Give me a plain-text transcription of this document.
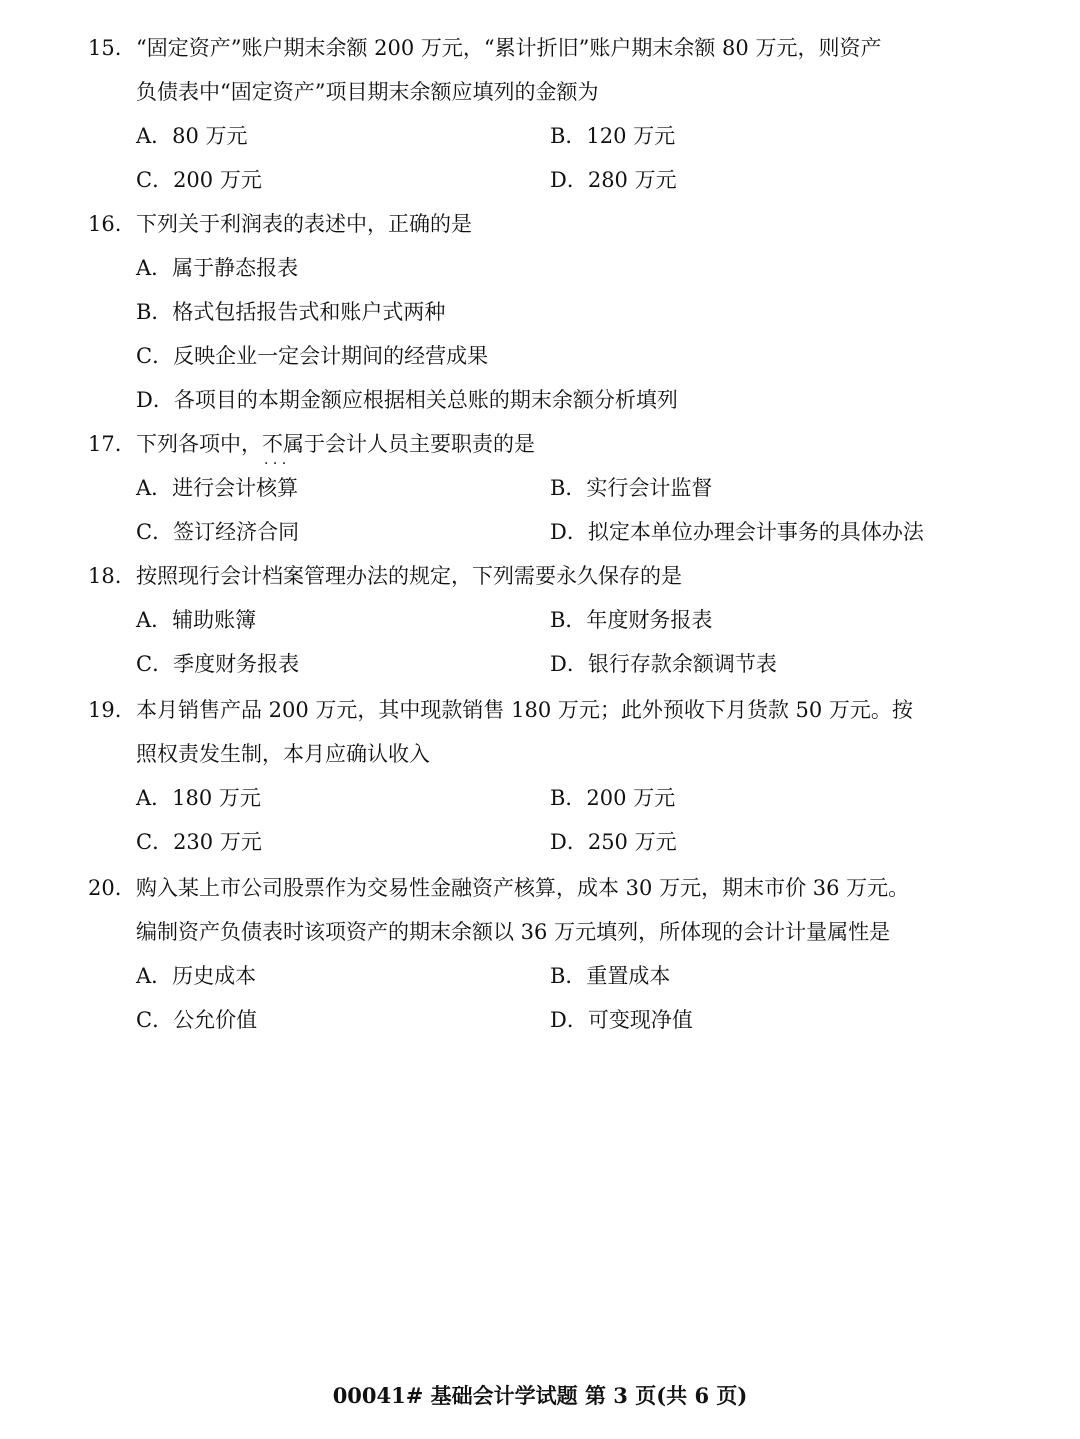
15. “固定资产”账户期末余额 200 万元，“累计折旧”账户期末余额 80 万元，则资产
负债表中“固定资产”项目期末余额应填列的金额为
A．80 万元	B．120 万元
C．200 万元	D．280 万元
16. 下列关于利润表的表述中，正确的是
A．属于静态报表
B．格式包括报告式和账户式两种
C．反映企业一定会计期间的经营成果
D．各项目的本期金额应根据相关总账的期末余额分析填列
17. 下列各项中，不属于 · · ·会计人员主要职责的是
A．进行会计核算	B．实行会计监督
C．签订经济合同	D．拟定本单位办理会计事务的具体办法
18. 按照现行会计档案管理办法的规定，下列需要永久保存的是
A．辅助账簿	B．年度财务报表
C．季度财务报表	D．银行存款余额调节表
19. 本月销售产品 200 万元，其中现款销售 180 万元；此外预收下月货款 50 万元。按
照权责发生制，本月应确认收入
A．180 万元	B．200 万元
C．230 万元	D．250 万元
20. 购入某上市公司股票作为交易性金融资产核算，成本 30 万元，期末市价 36 万元。
编制资产负债表时该项资产的期末余额以 36 万元填列，所体现的会计计量属性是
A．历史成本	B．重置成本
C．公允价值	D．可变现净值
00041# 基础会计学试题 第 3 页(共 6 页)
